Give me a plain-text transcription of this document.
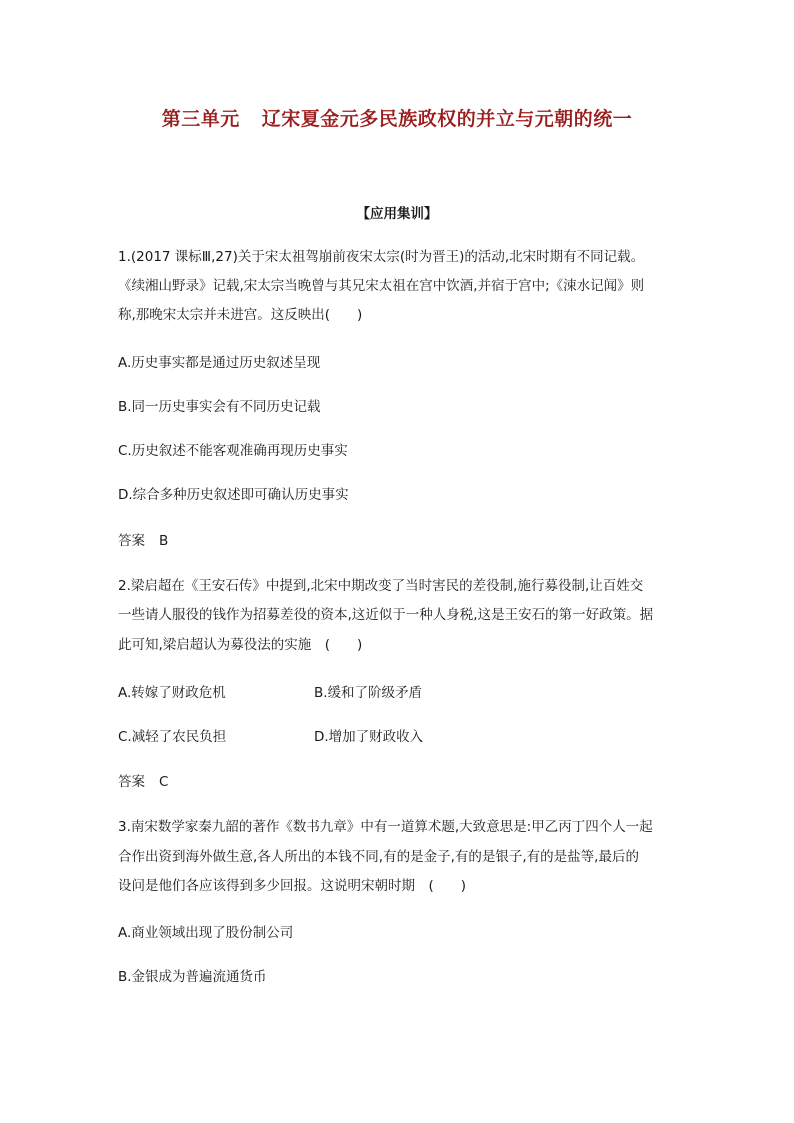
第三单元 辽宋夏金元多民族政权的并立与元朝的统一
【应用集训】
1.(2017 课标Ⅲ,27)关于宋太祖驾崩前夜宋太宗(时为晋王)的活动,北宋时期有不同记载。
《续湘山野录》记载,宋太宗当晚曾与其兄宋太祖在宫中饮酒,并宿于宫中;《涑水记闻》则
称,那晚宋太宗并未进宫。这反映出(　　)
A.历史事实都是通过历史叙述呈现
B.同一历史事实会有不同历史记载
C.历史叙述不能客观准确再现历史事实
D.综合多种历史叙述即可确认历史事实
答案 B
2.梁启超在《王安石传》中提到,北宋中期改变了当时害民的差役制,施行募役制,让百姓交
一些请人服役的钱作为招募差役的资本,这近似于一种人身税,这是王安石的第一好政策。据
此可知,梁启超认为募役法的实施　(　　)
A.转嫁了财政危机	B.缓和了阶级矛盾
C.减轻了农民负担	D.增加了财政收入
答案 C
3.南宋数学家秦九韶的著作《数书九章》中有一道算术题,大致意思是:甲乙丙丁四个人一起
合作出资到海外做生意,各人所出的本钱不同,有的是金子,有的是银子,有的是盐等,最后的
设问是他们各应该得到多少回报。这说明宋朝时期　(　　)
A.商业领域出现了股份制公司
B.金银成为普遍流通货币
